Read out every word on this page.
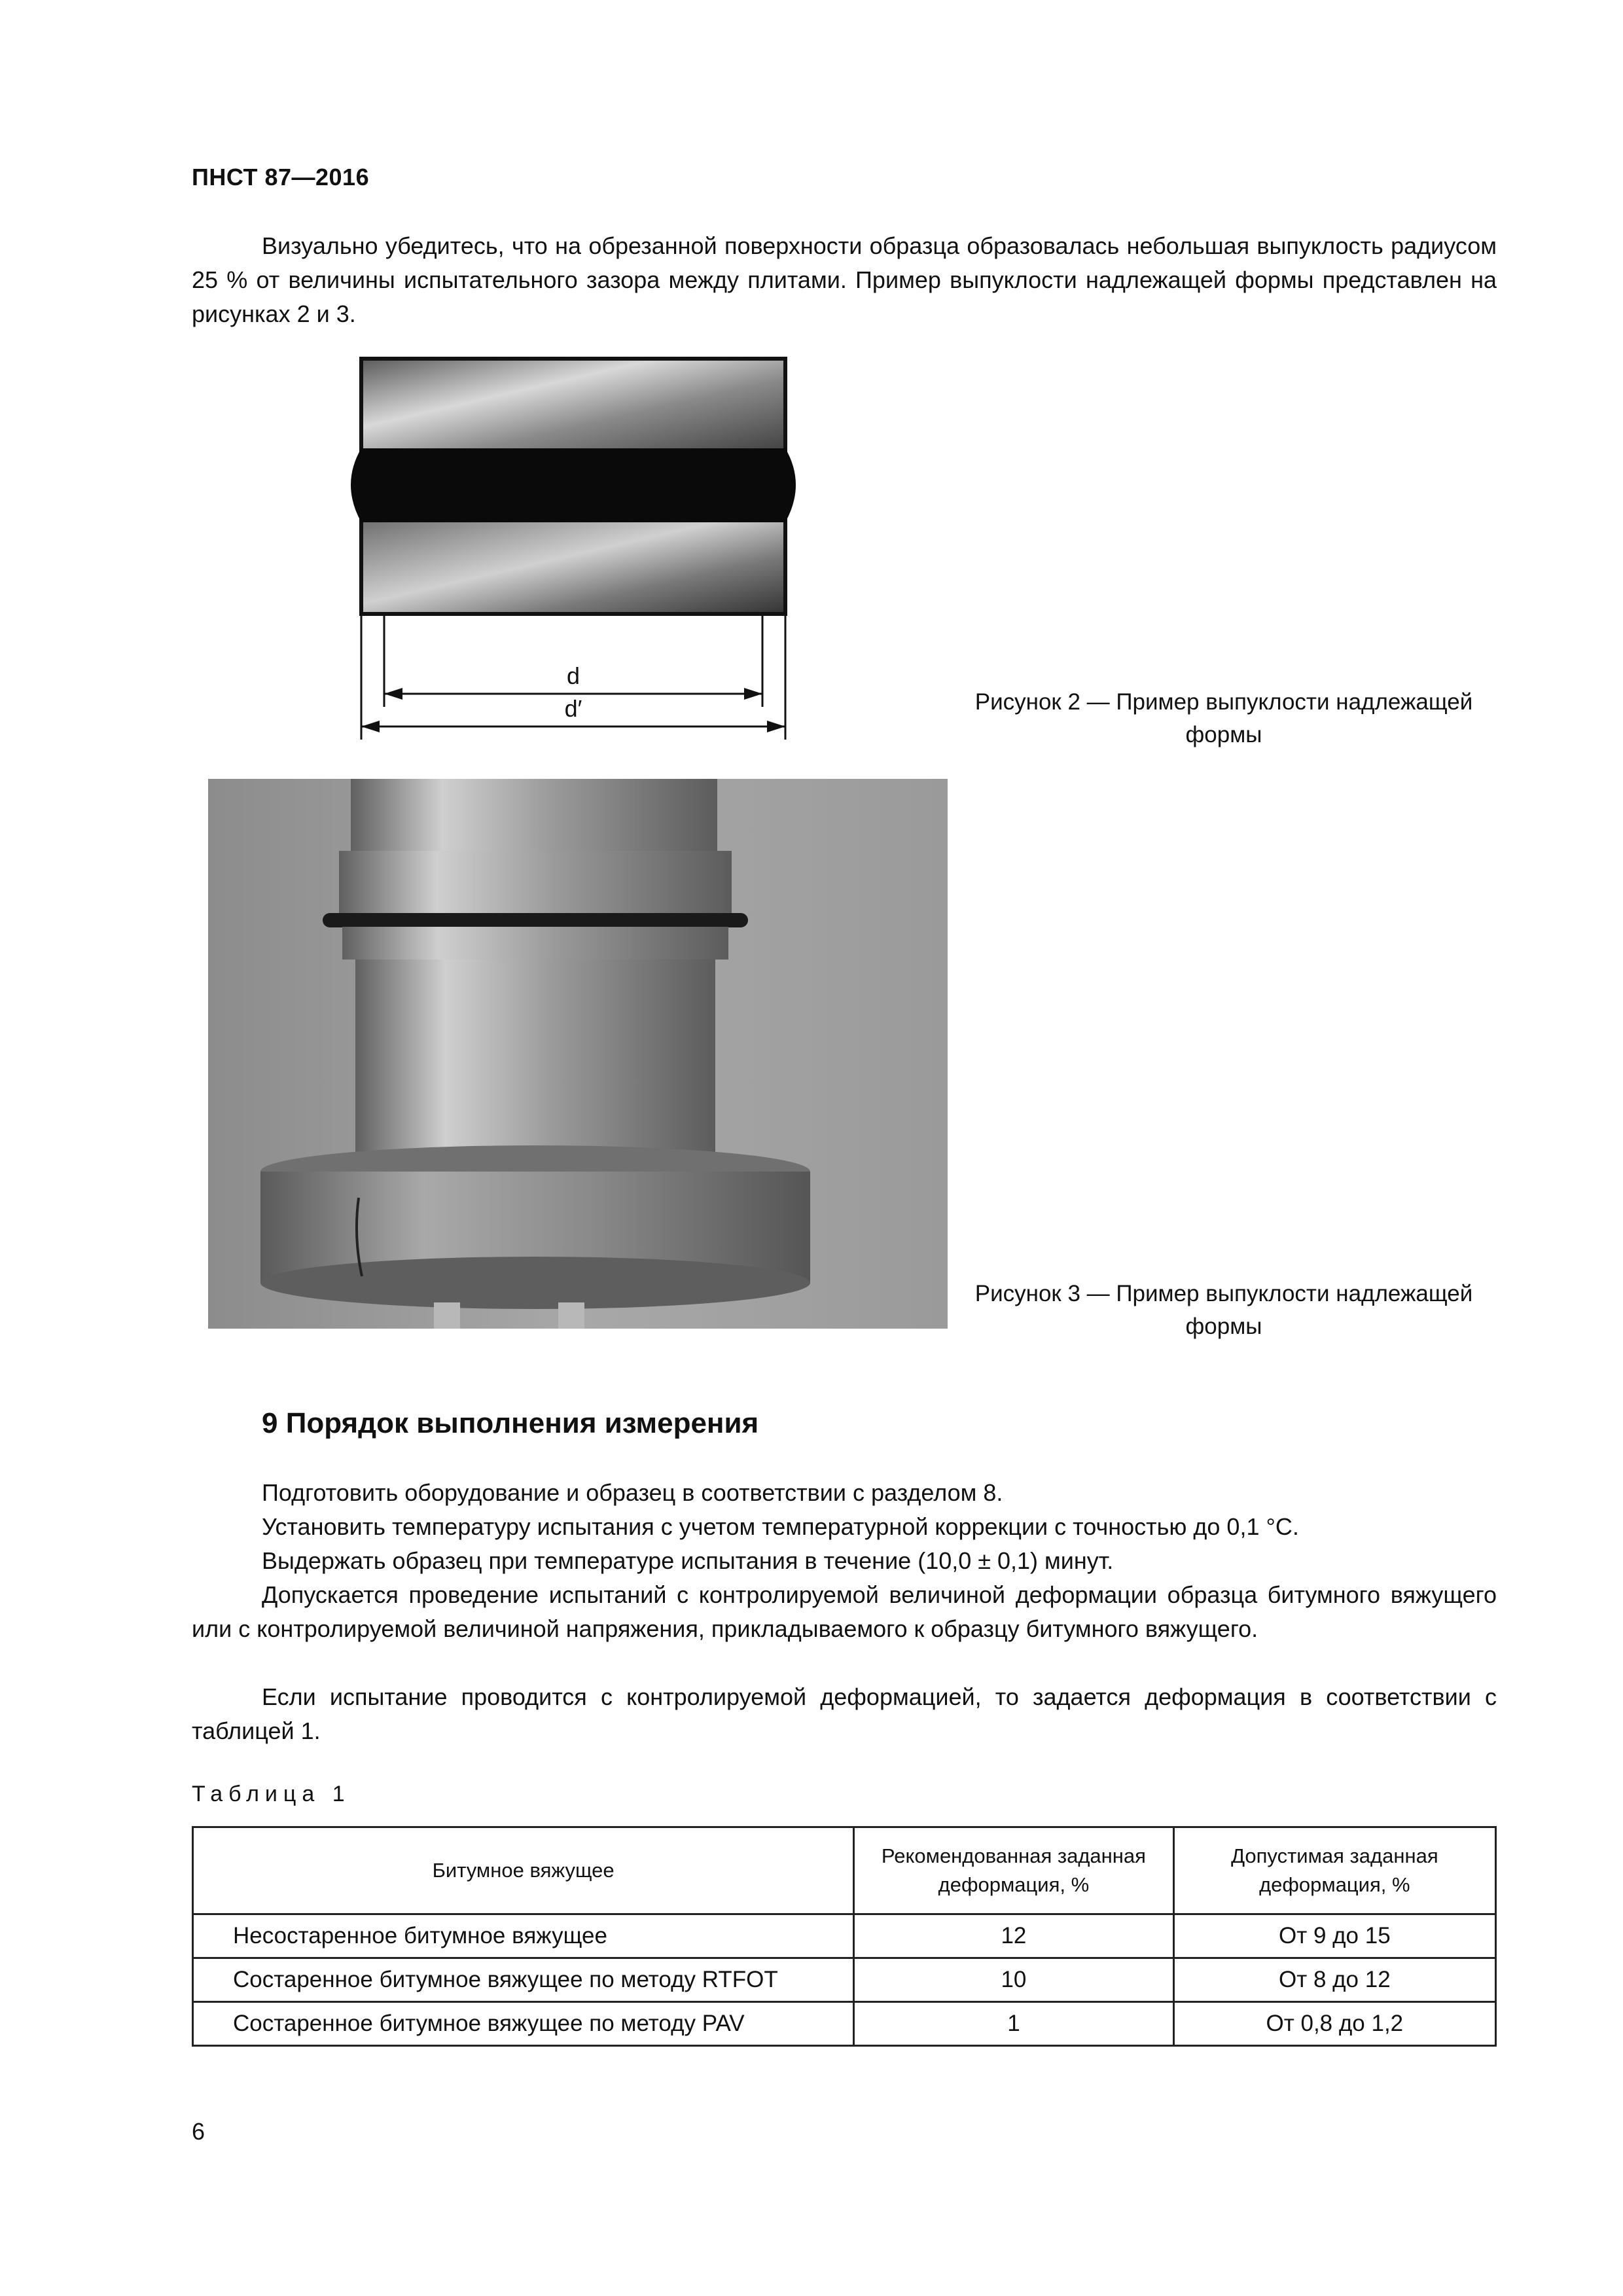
ПНСТ 87—2016
Визуально убедитесь, что на обрезанной поверхности образца образовалась небольшая выпуклость радиусом 25 % от величины испытательного зазора между плитами. Пример выпуклости надлежащей формы представлен на рисунках 2 и 3.
d
d′	Рисунок 2 — Пример выпуклости надлежащей
формы
Рисунок 3 — Пример выпуклости надлежащей
формы
9 Порядок выполнения измерения
Подготовить оборудование и образец в соответствии с разделом 8.
Установить температуру испытания с учетом температурной коррекции с точностью до 0,1 °С.
Выдержать образец при температуре испытания в течение (10,0 ± 0,1) минут.
Допускается проведение испытаний с контролируемой величиной деформации образца битумного вяжущего или с контролируемой величиной напряжения, прикладываемого к образцу битумного вяжущего.
Если испытание проводится с контролируемой деформацией, то задается деформация в соответствии с таблицей 1.
Таблица 1
Битумное вяжущее	Рекомендованная заданная деформация, %	Допустимая заданная деформация, %
Несостаренное битумное вяжущее	12	От 9 до 15
Состаренное битумное вяжущее по методу RTFOT	10	От 8 до 12
Состаренное битумное вяжущее по методу PAV	1	От 0,8 до 1,2
6
